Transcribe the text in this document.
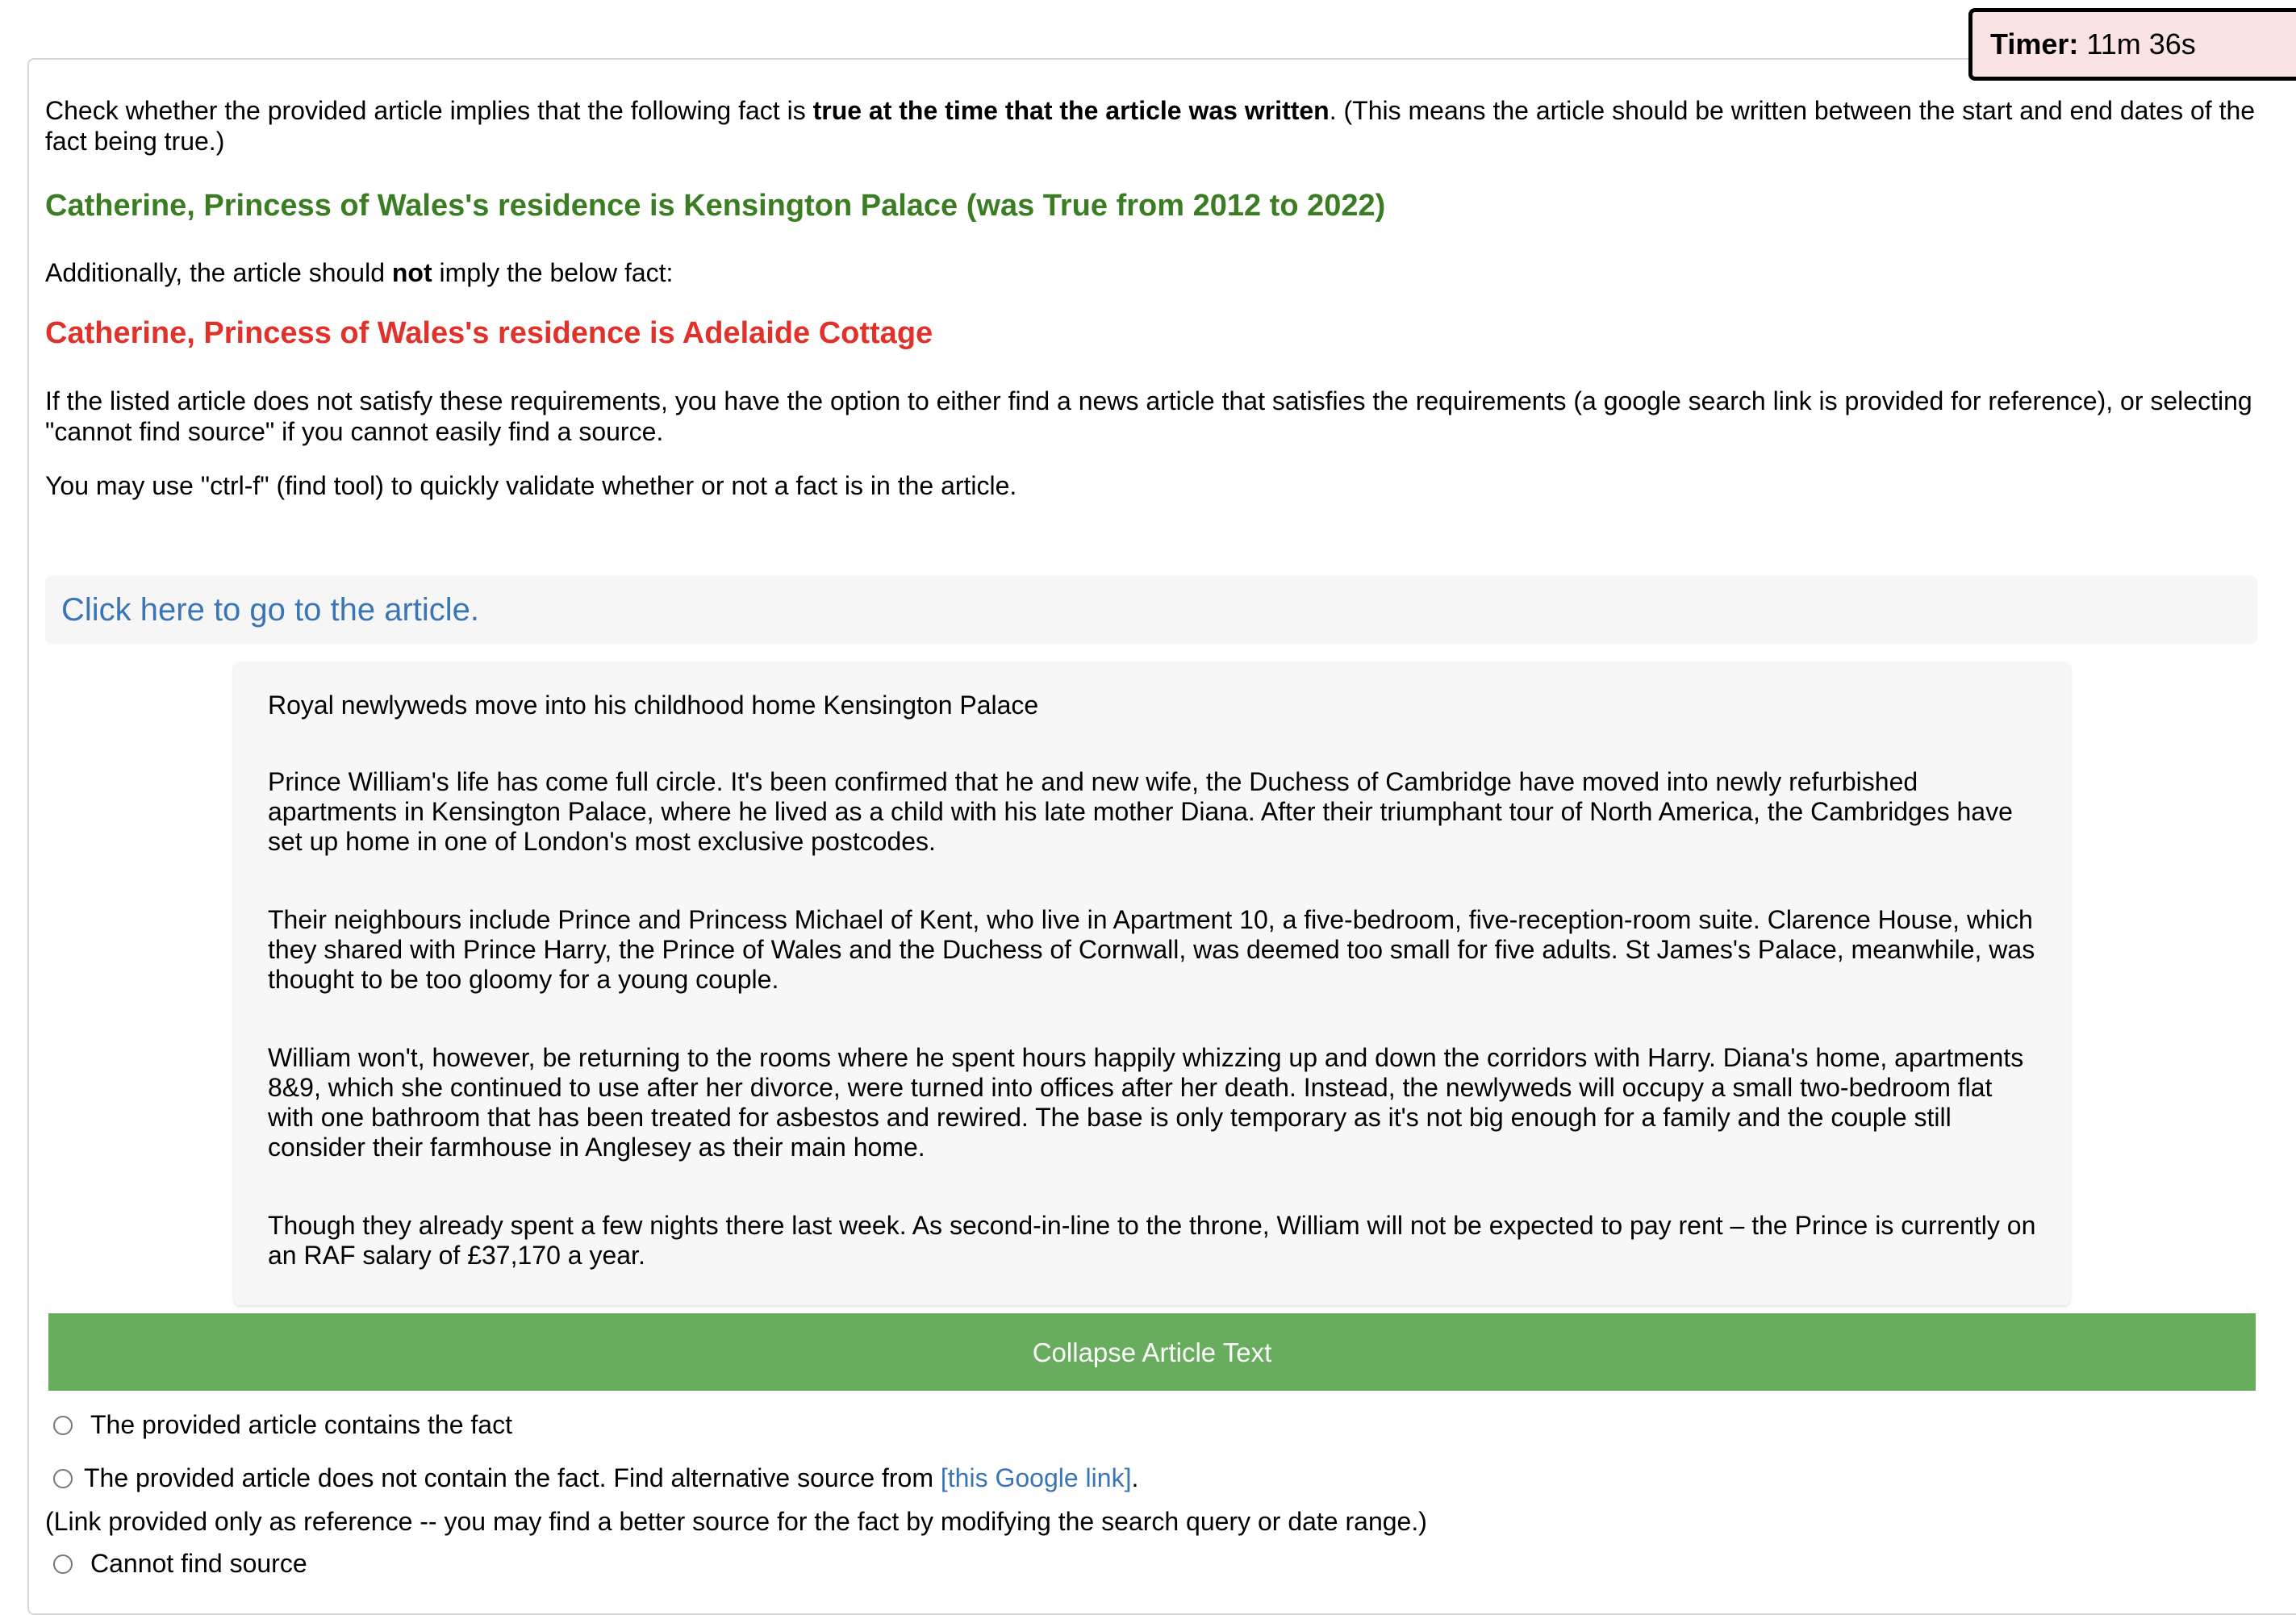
Timer: 11m 36s

Check whether the provided article implies that the following fact is true at the time that the article was written. (This means the article should be written between the start and end dates of the fact being true.)

Catherine, Princess of Wales's residence is Kensington Palace (was True from 2012 to 2022)

Additionally, the article should not imply the below fact:

Catherine, Princess of Wales's residence is Adelaide Cottage

If the listed article does not satisfy these requirements, you have the option to either find a news article that satisfies the requirements (a google search link is provided for reference), or selecting "cannot find source" if you cannot easily find a source.

You may use "ctrl-f" (find tool) to quickly validate whether or not a fact is in the article.

Click here to go to the article.

Royal newlyweds move into his childhood home Kensington Palace

Prince William's life has come full circle. It's been confirmed that he and new wife, the Duchess of Cambridge have moved into newly refurbished apartments in Kensington Palace, where he lived as a child with his late mother Diana. After their triumphant tour of North America, the Cambridges have set up home in one of London's most exclusive postcodes.

Their neighbours include Prince and Princess Michael of Kent, who live in Apartment 10, a five-bedroom, five-reception-room suite. Clarence House, which they shared with Prince Harry, the Prince of Wales and the Duchess of Cornwall, was deemed too small for five adults. St James's Palace, meanwhile, was thought to be too gloomy for a young couple.

William won't, however, be returning to the rooms where he spent hours happily whizzing up and down the corridors with Harry. Diana's home, apartments 8&9, which she continued to use after her divorce, were turned into offices after her death. Instead, the newlyweds will occupy a small two-bedroom flat with one bathroom that has been treated for asbestos and rewired. The base is only temporary as it's not big enough for a family and the couple still consider their farmhouse in Anglesey as their main home.

Though they already spent a few nights there last week. As second-in-line to the throne, William will not be expected to pay rent – the Prince is currently on an RAF salary of £37,170 a year.

Collapse Article Text
The provided article contains the fact
The provided article does not contain the fact. Find alternative source from [this Google link].

(Link provided only as reference -- you may find a better source for the fact by modifying the search query or date range.)

Cannot find source
